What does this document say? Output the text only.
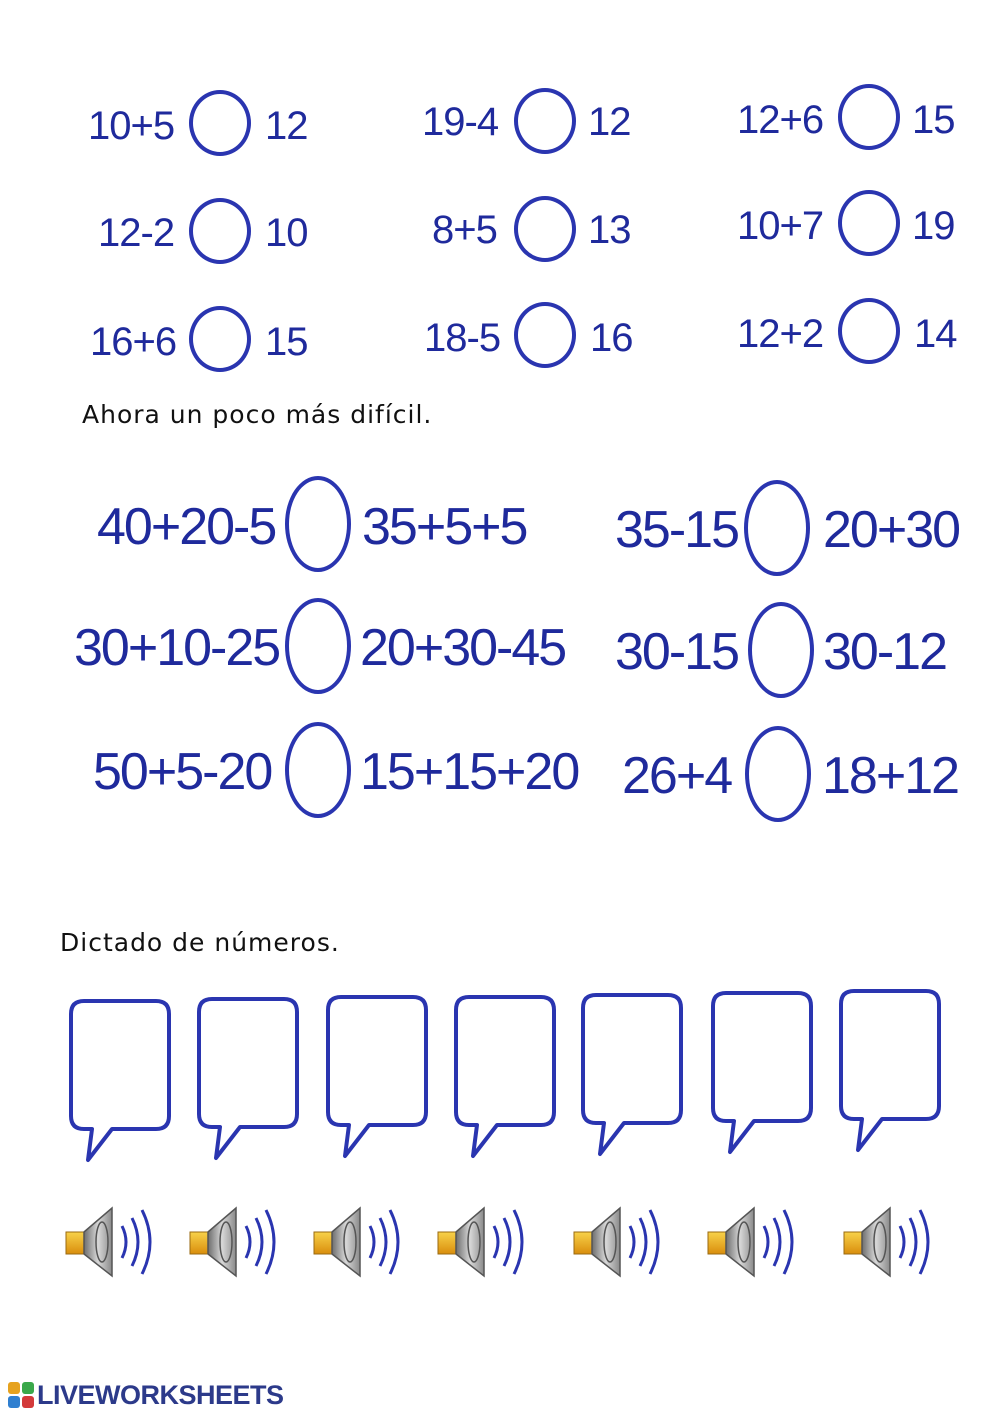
10+5 12	19-4 12	12+6 15
12-2 10	8+5 13	10+7 19
16+6 15	18-5 16	12+2 14
Ahora un poco más difícil.
40+20-5 35+5+5 35-15 20+30
30+10-25 20+30-45 30-15 30-12
50+5-20 15+15+20 26+4 18+12
Dictado de números.
LIVEWORKSHEETS
